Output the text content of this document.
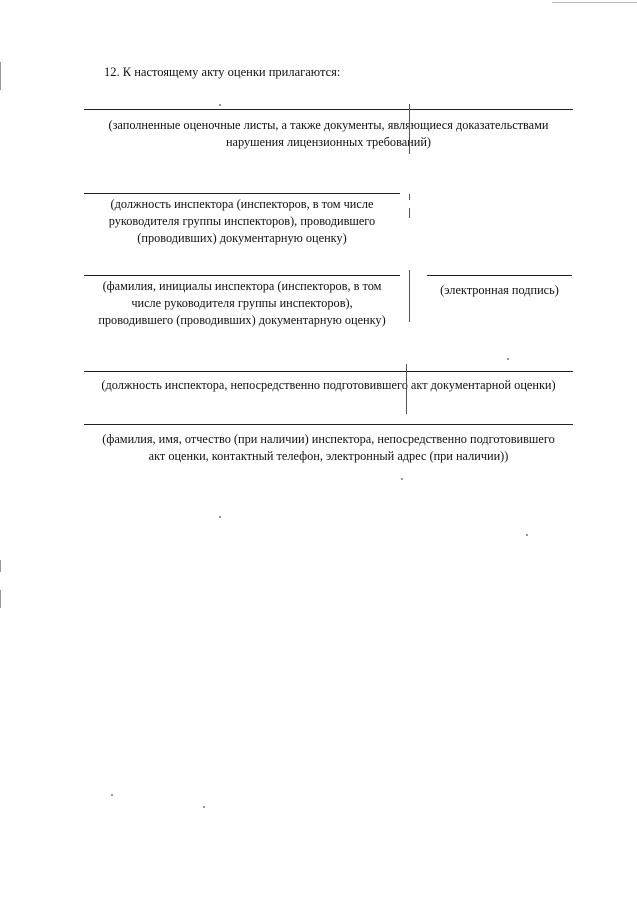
12. К настоящему акту оценки прилагаются:
(заполненные оценочные листы, а также документы, являющиеся доказательствами
нарушения лицензионных требований)
(должность инспектора (инспекторов, в том числе
руководителя группы инспекторов), проводившего
(проводивших) документарную оценку)
(фамилия, инициалы инспектора (инспекторов, в том
числе руководителя группы инспекторов),
проводившего (проводивших) документарную оценку)
(электронная подпись)
(должность инспектора, непосредственно подготовившего акт документарной оценки)
(фамилия, имя, отчество (при наличии) инспектора, непосредственно подготовившего
акт оценки, контактный телефон, электронный адрес (при наличии))
